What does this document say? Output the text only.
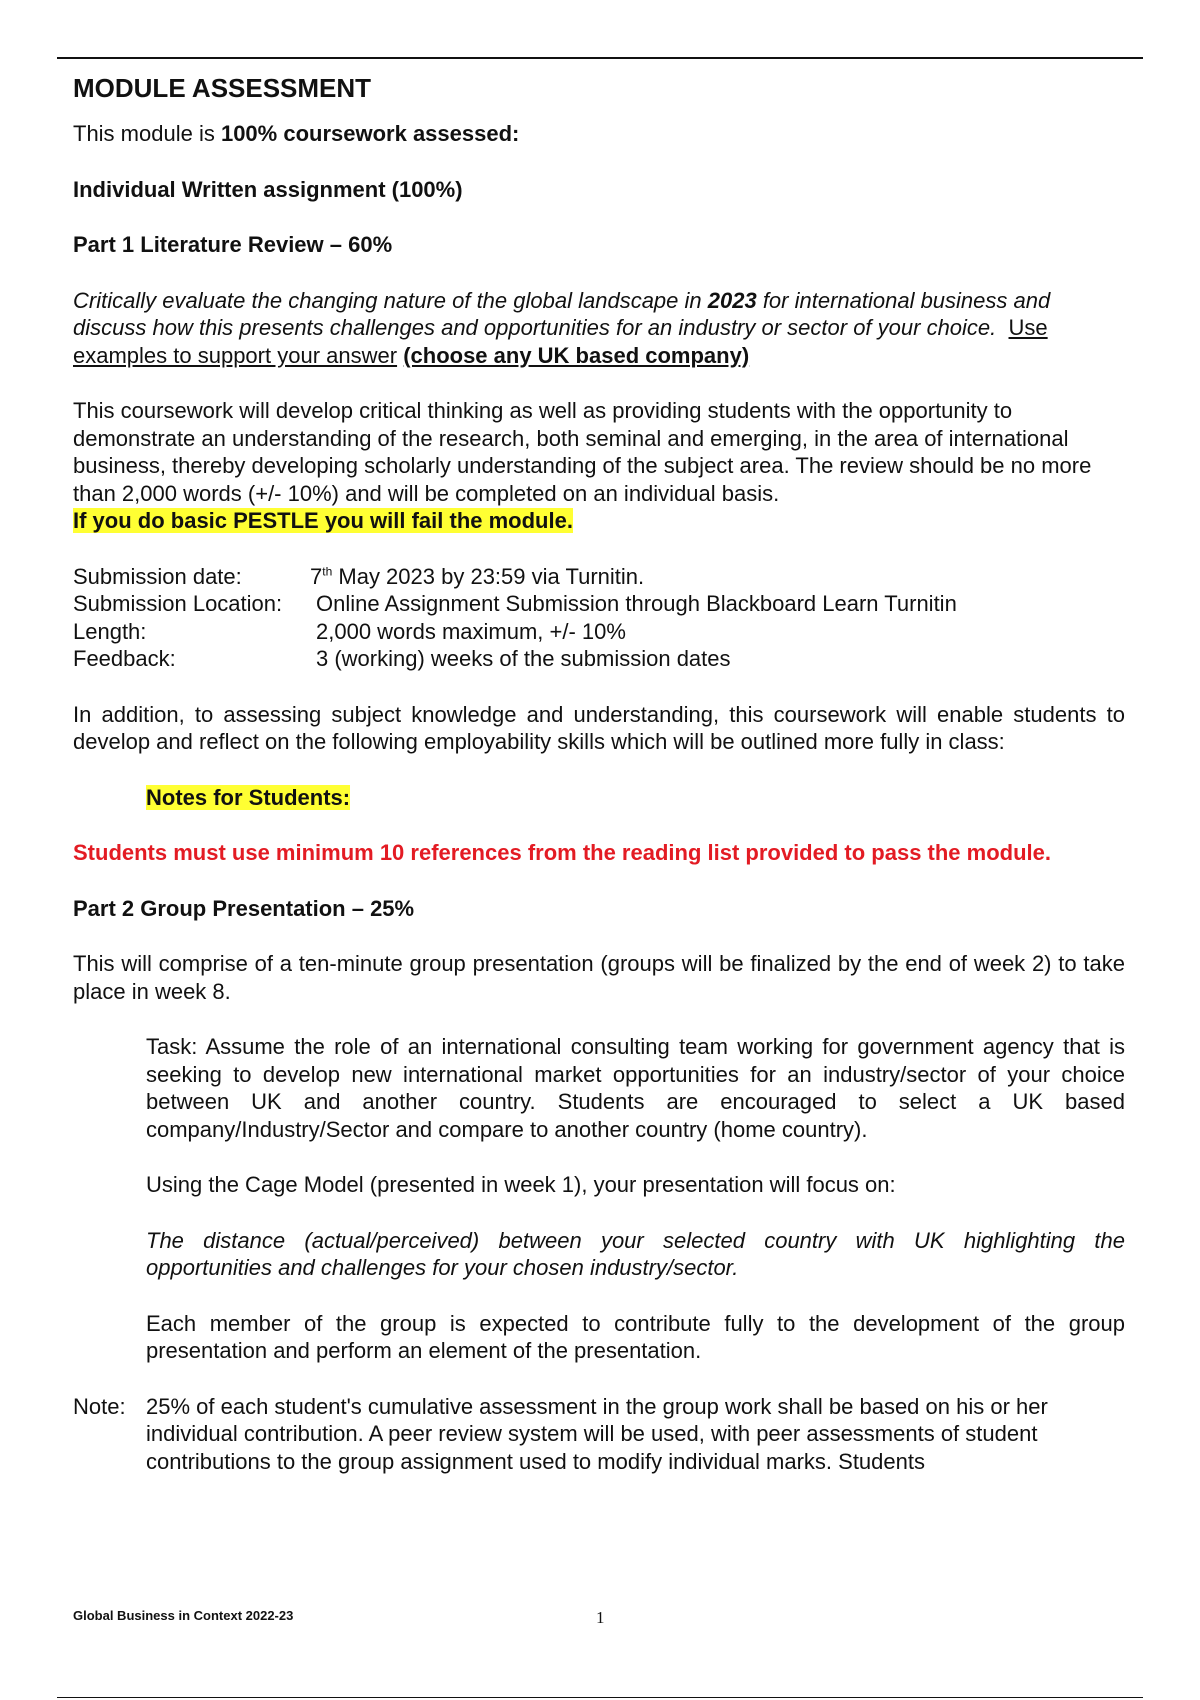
MODULE ASSESSMENT

This module is 100% coursework assessed:

Individual Written assignment (100%)

Part 1 Literature Review – 60%

Critically evaluate the changing nature of the global landscape in 2023 for international business and discuss how this presents challenges and opportunities for an industry or sector of your choice. Use examples to support your answer (choose any UK based company)

This coursework will develop critical thinking as well as providing students with the opportunity to demonstrate an understanding of the research, both seminal and emerging, in the area of international business, thereby developing scholarly understanding of the subject area. The review should be no more than 2,000 words (+/- 10%) and will be completed on an individual basis.
If you do basic PESTLE you will fail the module.

Submission date:	7th May 2023 by 23:59 via Turnitin.
Submission Location:	Online Assignment Submission through Blackboard Learn Turnitin
Length:	2,000 words maximum, +/- 10%
Feedback:	3 (working) weeks of the submission dates

In addition, to assessing subject knowledge and understanding, this coursework will enable students to develop and reflect on the following employability skills which will be outlined more fully in class:

Notes for Students:

Students must use minimum 10 references from the reading list provided to pass the module.

Part 2 Group Presentation – 25%

This will comprise of a ten-minute group presentation (groups will be finalized by the end of week 2) to take place in week 8.

Task: Assume the role of an international consulting team working for government agency that is seeking to develop new international market opportunities for an industry/sector of your choice between UK and another country. Students are encouraged to select a UK based company/Industry/Sector and compare to another country (home country).

Using the Cage Model (presented in week 1), your presentation will focus on:

The distance (actual/perceived) between your selected country with UK highlighting the opportunities and challenges for your chosen industry/sector.

Each member of the group is expected to contribute fully to the development of the group presentation and perform an element of the presentation.

Note: 25% of each student's cumulative assessment in the group work shall be based on his or her individual contribution. A peer review system will be used, with peer assessments of student contributions to the group assignment used to modify individual marks. Students
Global Business in Context 2022-23	1
